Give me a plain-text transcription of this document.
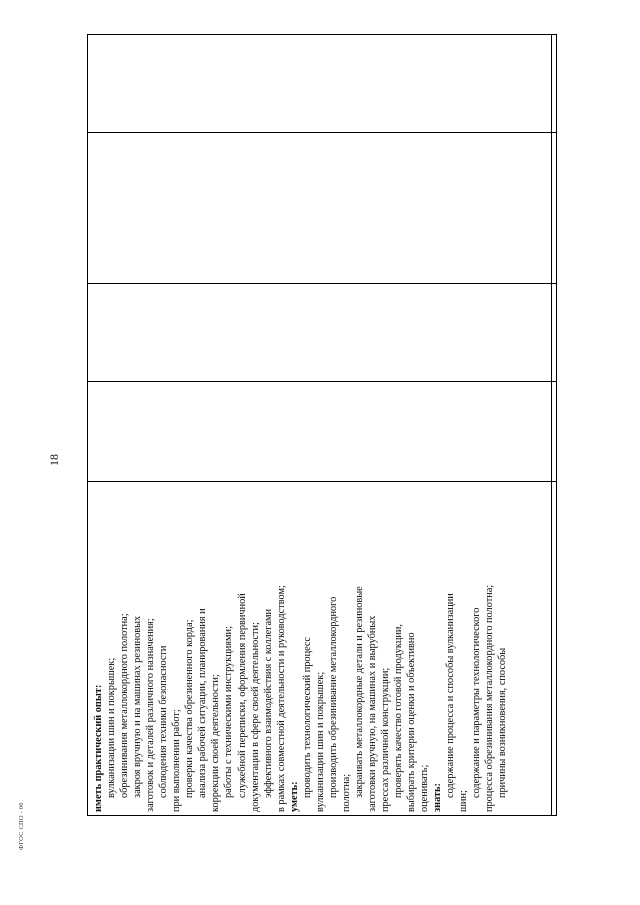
18
ФГОС СПО - 06
иметь практический опыт: вулканизации шин и покрышек; обрезинивания металлокордного полотна; закроя вручную и на машинах резиновых заготовок и деталей различного назначения; соблюдения техники безопасности при выполнении работ; проверки качества обрезиненного корда; анализа рабочей ситуации, планирования и коррекции своей деятельности; работы с техническими инструкциями; служебной переписки, оформления первичной документации в сфере своей деятельности; эффективного взаимодействия с коллегами в рамках совместной деятельности и руководством; уметь: проводить технологический процесс вулканизации шин и покрышек; производить обрезинивание металлокордного полотна; закраивать металлокордные детали и резиновые заготовки вручную, на машинах и вырубных прессах различной конструкции; проверять качество готовой продукции, выбирать критерии оценки и объективно оценивать; знать: содержание процесса и способы вулканизации
шин;
содержание и параметры технологического процесса обрезинивания металлокордного полотна; причины возникновения, способы
